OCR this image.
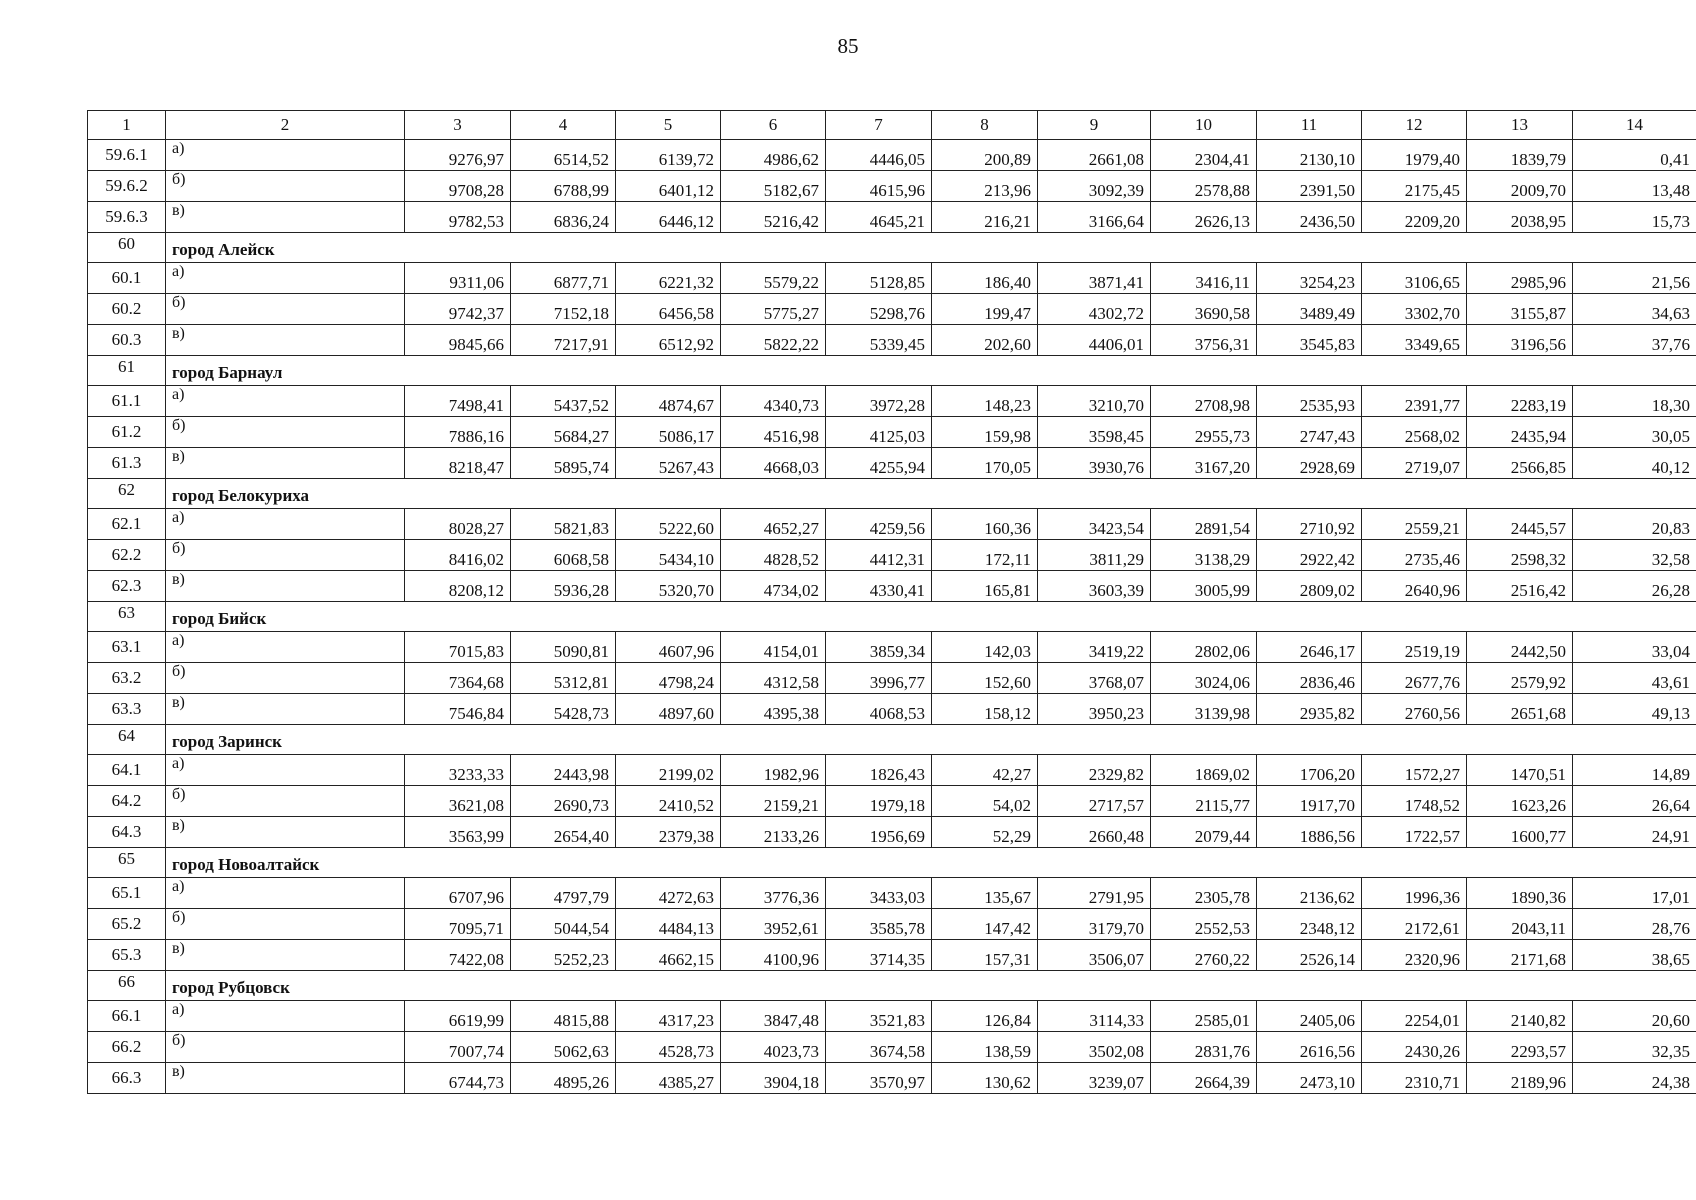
85
1	2	3	4	5	6	7	8	9	10	11	12	13	14
59.6.1	а)	9276,97	6514,52	6139,72	4986,62	4446,05	200,89	2661,08	2304,41	2130,10	1979,40	1839,79	0,41
59.6.2	б)	9708,28	6788,99	6401,12	5182,67	4615,96	213,96	3092,39	2578,88	2391,50	2175,45	2009,70	13,48
59.6.3	в)	9782,53	6836,24	6446,12	5216,42	4645,21	216,21	3166,64	2626,13	2436,50	2209,20	2038,95	15,73
60	город Алейск												
60.1	а)	9311,06	6877,71	6221,32	5579,22	5128,85	186,40	3871,41	3416,11	3254,23	3106,65	2985,96	21,56
60.2	б)	9742,37	7152,18	6456,58	5775,27	5298,76	199,47	4302,72	3690,58	3489,49	3302,70	3155,87	34,63
60.3	в)	9845,66	7217,91	6512,92	5822,22	5339,45	202,60	4406,01	3756,31	3545,83	3349,65	3196,56	37,76
61	город Барнаул												
61.1	а)	7498,41	5437,52	4874,67	4340,73	3972,28	148,23	3210,70	2708,98	2535,93	2391,77	2283,19	18,30
61.2	б)	7886,16	5684,27	5086,17	4516,98	4125,03	159,98	3598,45	2955,73	2747,43	2568,02	2435,94	30,05
61.3	в)	8218,47	5895,74	5267,43	4668,03	4255,94	170,05	3930,76	3167,20	2928,69	2719,07	2566,85	40,12
62	город Белокуриха												
62.1	а)	8028,27	5821,83	5222,60	4652,27	4259,56	160,36	3423,54	2891,54	2710,92	2559,21	2445,57	20,83
62.2	б)	8416,02	6068,58	5434,10	4828,52	4412,31	172,11	3811,29	3138,29	2922,42	2735,46	2598,32	32,58
62.3	в)	8208,12	5936,28	5320,70	4734,02	4330,41	165,81	3603,39	3005,99	2809,02	2640,96	2516,42	26,28
63	город Бийск												
63.1	а)	7015,83	5090,81	4607,96	4154,01	3859,34	142,03	3419,22	2802,06	2646,17	2519,19	2442,50	33,04
63.2	б)	7364,68	5312,81	4798,24	4312,58	3996,77	152,60	3768,07	3024,06	2836,46	2677,76	2579,92	43,61
63.3	в)	7546,84	5428,73	4897,60	4395,38	4068,53	158,12	3950,23	3139,98	2935,82	2760,56	2651,68	49,13
64	город Заринск												
64.1	а)	3233,33	2443,98	2199,02	1982,96	1826,43	42,27	2329,82	1869,02	1706,20	1572,27	1470,51	14,89
64.2	б)	3621,08	2690,73	2410,52	2159,21	1979,18	54,02	2717,57	2115,77	1917,70	1748,52	1623,26	26,64
64.3	в)	3563,99	2654,40	2379,38	2133,26	1956,69	52,29	2660,48	2079,44	1886,56	1722,57	1600,77	24,91
65	город Новоалтайск												
65.1	а)	6707,96	4797,79	4272,63	3776,36	3433,03	135,67	2791,95	2305,78	2136,62	1996,36	1890,36	17,01
65.2	б)	7095,71	5044,54	4484,13	3952,61	3585,78	147,42	3179,70	2552,53	2348,12	2172,61	2043,11	28,76
65.3	в)	7422,08	5252,23	4662,15	4100,96	3714,35	157,31	3506,07	2760,22	2526,14	2320,96	2171,68	38,65
66	город Рубцовск												
66.1	а)	6619,99	4815,88	4317,23	3847,48	3521,83	126,84	3114,33	2585,01	2405,06	2254,01	2140,82	20,60
66.2	б)	7007,74	5062,63	4528,73	4023,73	3674,58	138,59	3502,08	2831,76	2616,56	2430,26	2293,57	32,35
66.3	в)	6744,73	4895,26	4385,27	3904,18	3570,97	130,62	3239,07	2664,39	2473,10	2310,71	2189,96	24,38
